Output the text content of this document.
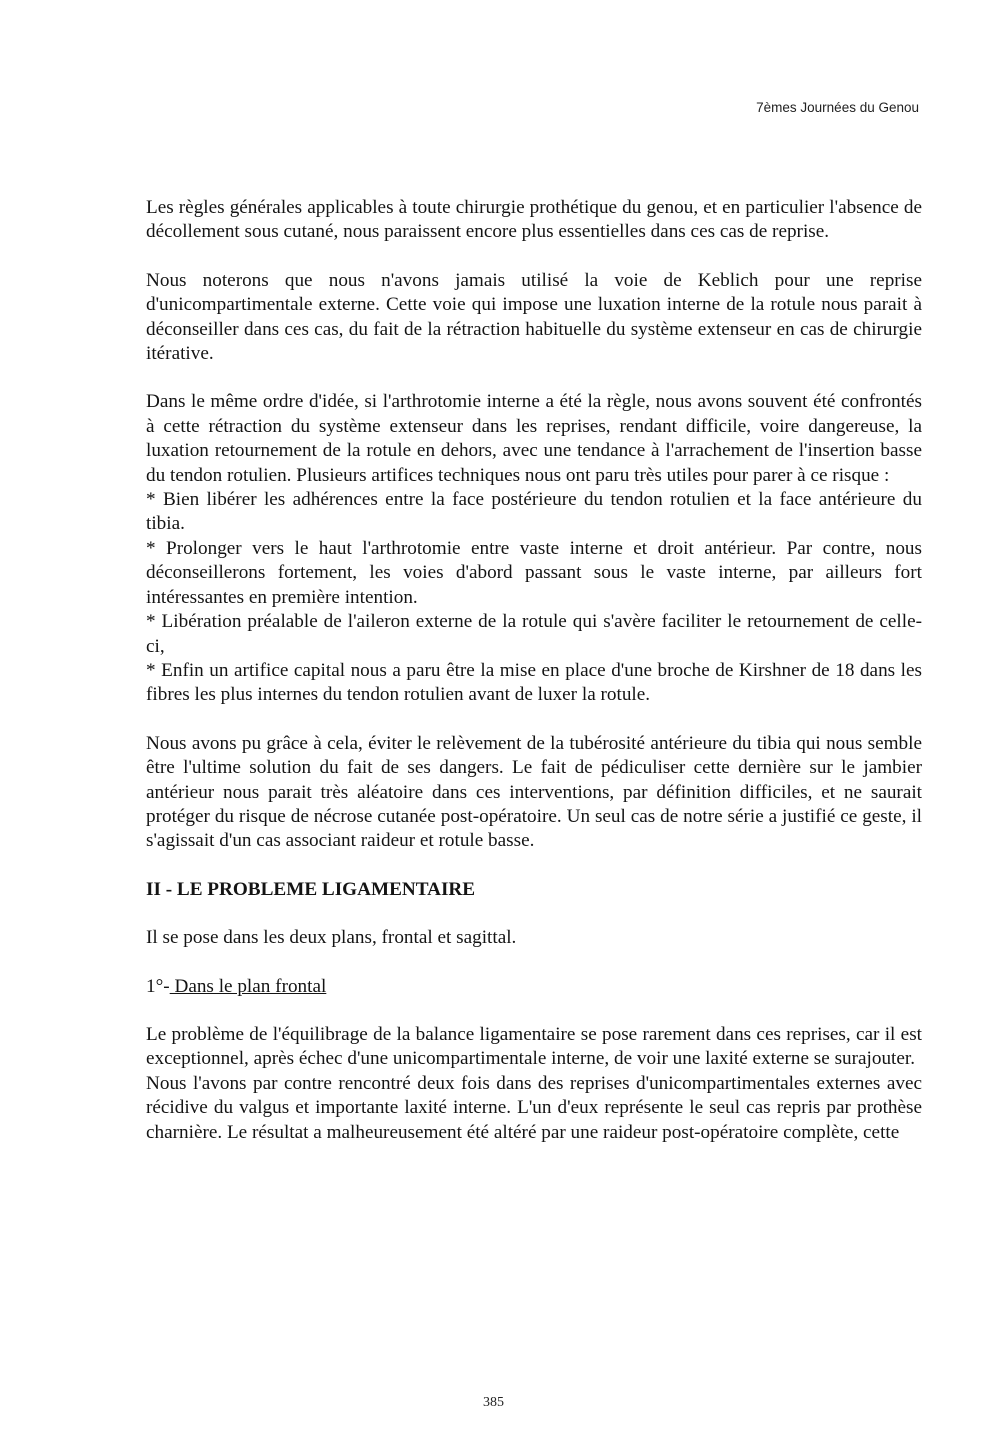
7èmes Journées du Genou

Les règles générales applicables à toute chirurgie prothétique du genou, et en particulier l'absence de décollement sous cutané, nous paraissent encore plus essentielles dans ces cas de reprise.

Nous noterons que nous n'avons jamais utilisé la voie de Keblich pour une reprise d'unicompartimentale externe. Cette voie qui impose une luxation interne de la rotule nous parait à déconseiller dans ces cas, du fait de la rétraction habituelle du système extenseur en cas de chirurgie itérative.

Dans le même ordre d'idée, si l'arthrotomie interne a été la règle, nous avons souvent été confrontés à cette rétraction du système extenseur dans les reprises, rendant difficile, voire dangereuse, la luxation retournement de la rotule en dehors, avec une tendance à l'arrachement de l'insertion basse du tendon rotulien. Plusieurs artifices techniques nous ont paru très utiles pour parer à ce risque :

* Bien libérer les adhérences entre la face postérieure du tendon rotulien et la face antérieure du tibia.

* Prolonger vers le haut l'arthrotomie entre vaste interne et droit antérieur. Par contre, nous déconseillerons fortement, les voies d'abord passant sous le vaste interne, par ailleurs fort intéressantes en première intention.

* Libération préalable de l'aileron externe de la rotule qui s'avère faciliter le retournement de celle-ci,

* Enfin un artifice capital nous a paru être la mise en place d'une broche de Kirshner de 18 dans les fibres les plus internes du tendon rotulien avant de luxer la rotule.

Nous avons pu grâce à cela, éviter le relèvement de la tubérosité antérieure du tibia qui nous semble être l'ultime solution du fait de ses dangers. Le fait de pédiculiser cette dernière sur le jambier antérieur nous parait très aléatoire dans ces interventions, par définition difficiles, et ne saurait protéger du risque de nécrose cutanée post-opératoire. Un seul cas de notre série a justifié ce geste, il s'agissait d'un cas associant raideur et rotule basse.

II - LE PROBLEME LIGAMENTAIRE

Il se pose dans les deux plans, frontal et sagittal.

1°- Dans le plan frontal

Le problème de l'équilibrage de la balance ligamentaire se pose rarement dans ces reprises, car il est exceptionnel, après échec d'une unicompartimentale interne, de voir une laxité externe se surajouter.

Nous l'avons par contre rencontré deux fois dans des reprises d'unicompartimentales externes avec récidive du valgus et importante laxité interne. L'un d'eux représente le seul cas repris par prothèse charnière. Le résultat a malheureusement été altéré par une raideur post-opératoire complète, cette

385
